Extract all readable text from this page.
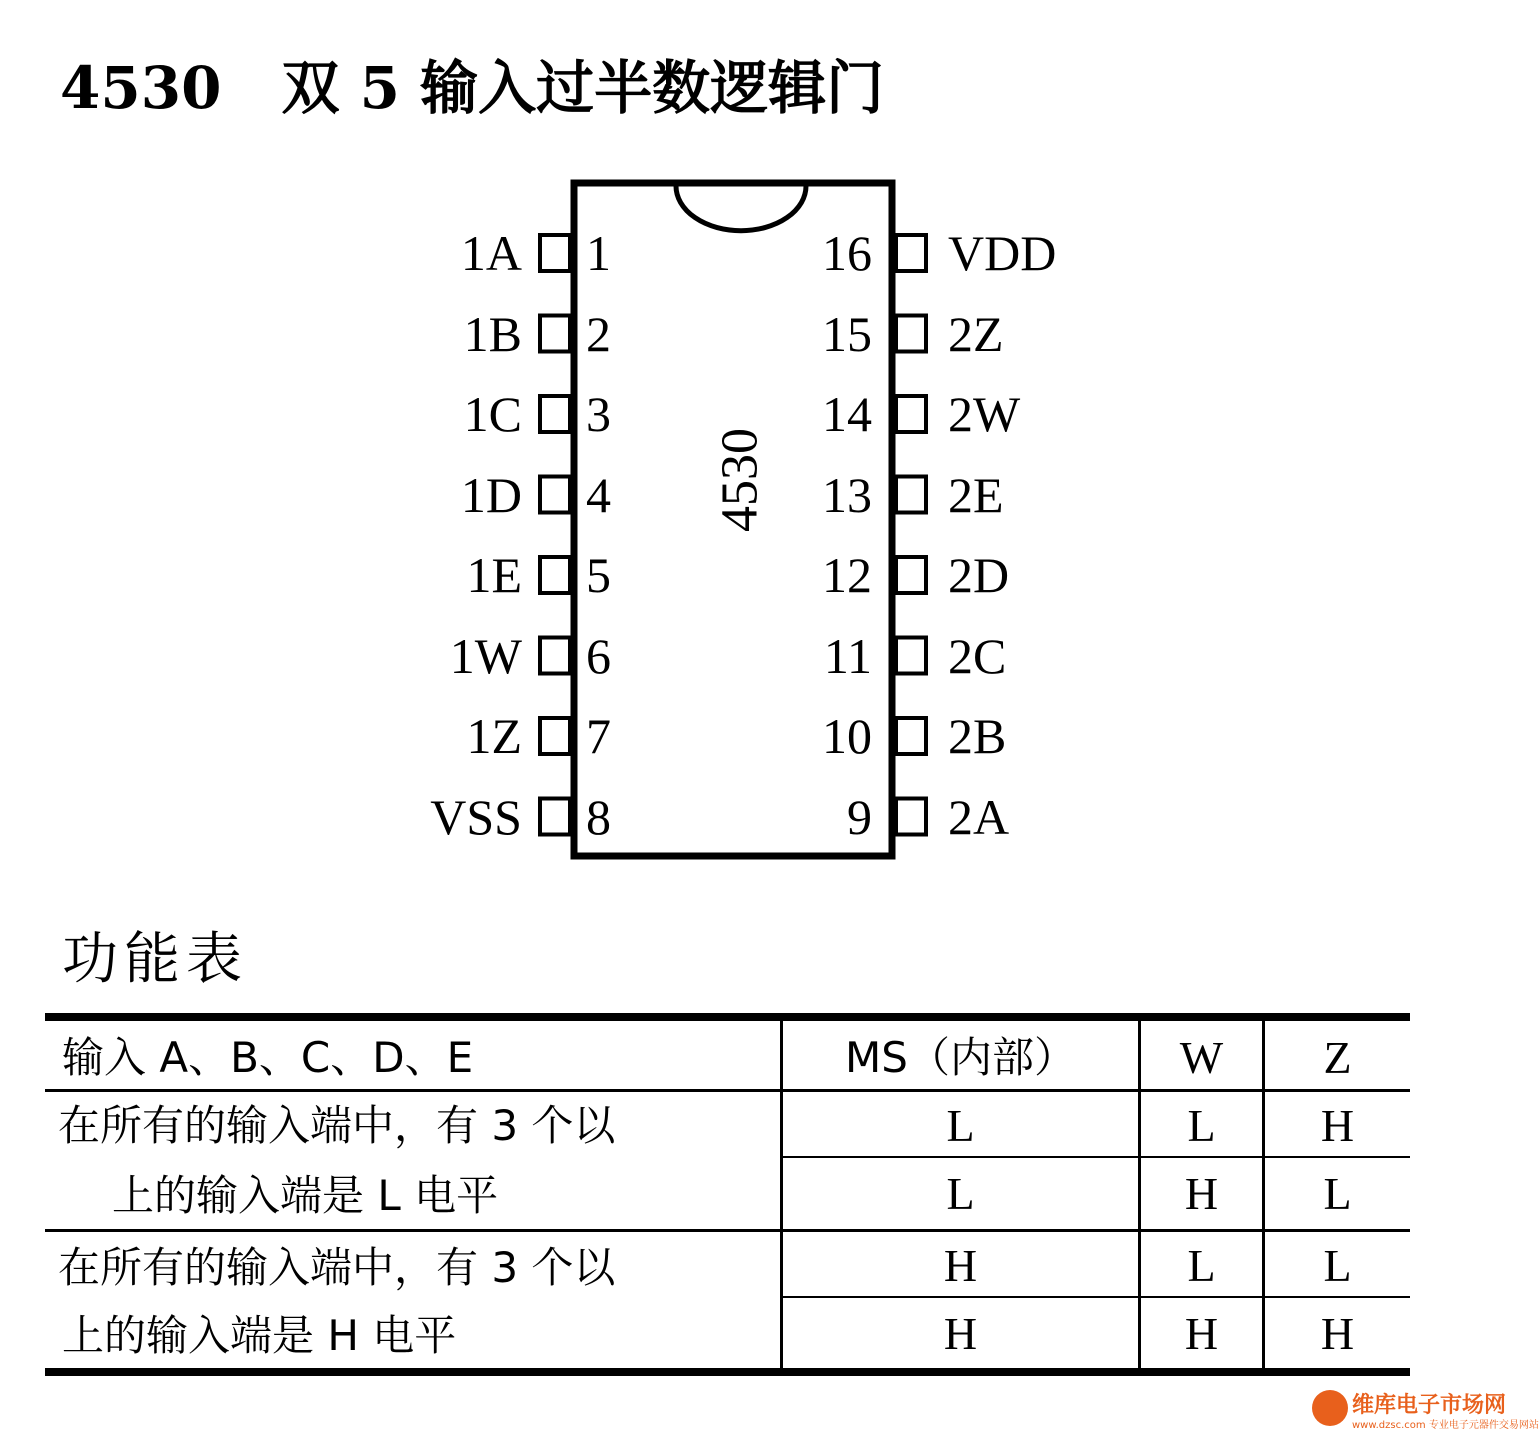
4530 双 5 输入过半数逻辑门
1A 1
1B 2
1C 3
1D 4
1E 5
1W 6
1Z 7
VSS 8
16 VDD
15 2Z
14 2W
13 2E
12 2D
11 2C
10 2B
9 2A
4530
功能表
输入 A、B、C、D、E	MS（内部）	W	Z
在所有的输入端中，有 3 个以
上的输入端是 L 电平
L	L	H
L	H	L
在所有的输入端中，有 3 个以
上的输入端是 H 电平
H	L	L
H	H	H
维库电子市场网
www.dzsc.com 专业电子元器件交易网站
